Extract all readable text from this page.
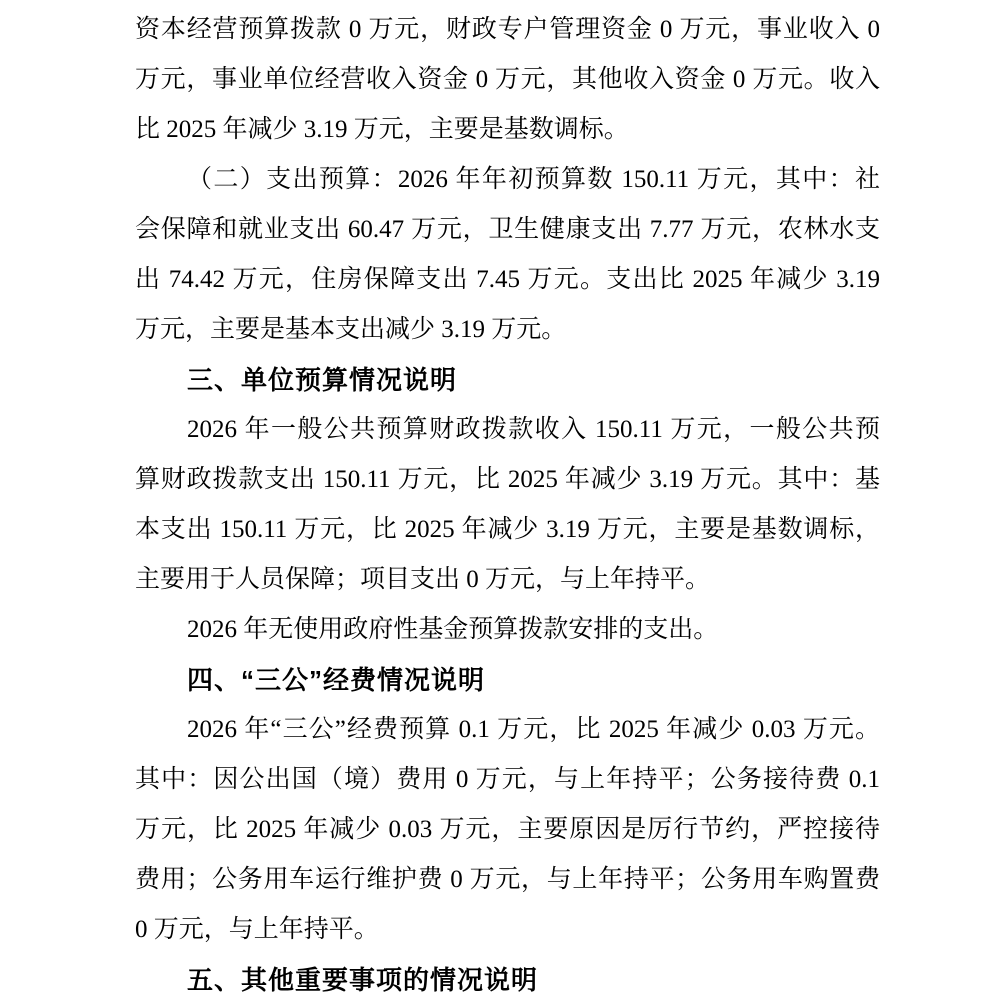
资本经营预算拨款 0 万元，财政专户管理资金 0 万元，事业收入 0
万元，事业单位经营收入资金 0 万元，其他收入资金 0 万元。收入
比 2025 年减少 3.19 万元，主要是基数调标。
（二）支出预算：2026 年年初预算数 150.11 万元，其中：社
会保障和就业支出 60.47 万元，卫生健康支出 7.77 万元，农林水支
出 74.42 万元，住房保障支出 7.45 万元。支出比 2025 年减少 3.19
万元，主要是基本支出减少 3.19 万元。
三、单位预算情况说明
2026 年一般公共预算财政拨款收入 150.11 万元，一般公共预
算财政拨款支出 150.11 万元，比 2025 年减少 3.19 万元。其中：基
本支出 150.11 万元，比 2025 年减少 3.19 万元，主要是基数调标，
主要用于人员保障；项目支出 0 万元，与上年持平。
2026 年无使用政府性基金预算拨款安排的支出。
四、“三公”经费情况说明
2026 年“三公”经费预算 0.1 万元，比 2025 年减少 0.03 万元。
其中：因公出国（境）费用 0 万元，与上年持平；公务接待费 0.1
万元，比 2025 年减少 0.03 万元，主要原因是厉行节约，严控接待
费用；公务用车运行维护费 0 万元，与上年持平；公务用车购置费
0 万元，与上年持平。
五、其他重要事项的情况说明
